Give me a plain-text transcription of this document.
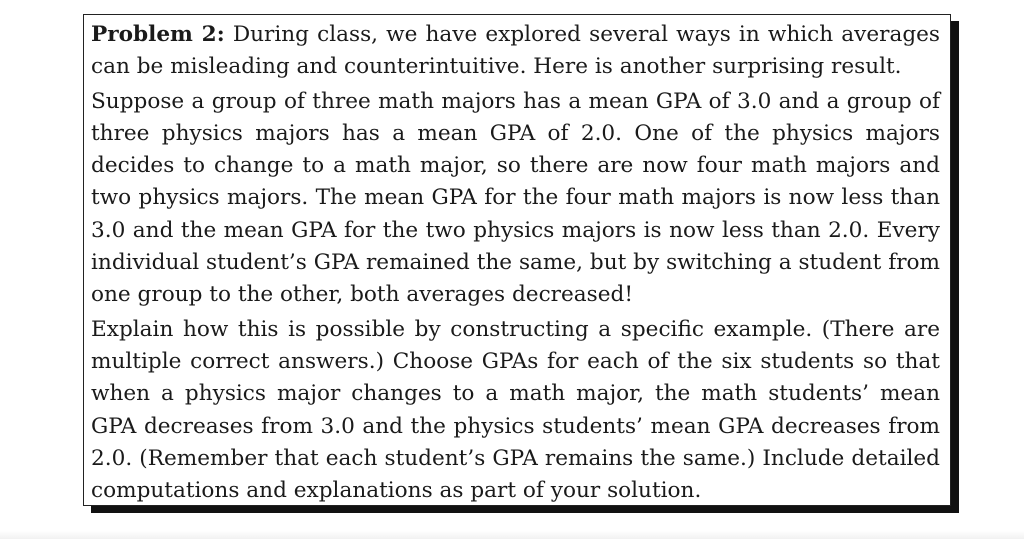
Problem 2: During class, we have explored several ways in which averages can be misleading and counterintuitive. Here is another surprising result.

Suppose a group of three math majors has a mean GPA of 3.0 and a group of three physics majors has a mean GPA of 2.0. One of the physics majors decides to change to a math major, so there are now four math majors and two physics majors. The mean GPA for the four math majors is now less than 3.0 and the mean GPA for the two physics majors is now less than 2.0. Every individual student’s GPA remained the same, but by switching a student from one group to the other, both averages decreased!

Explain how this is possible by constructing a specific example. (There are multiple correct answers.) Choose GPAs for each of the six students so that when a physics major changes to a math major, the math students’ mean GPA decreases from 3.0 and the physics students’ mean GPA decreases from 2.0. (Remember that each student’s GPA remains the same.) Include detailed computations and explanations as part of your solution.
